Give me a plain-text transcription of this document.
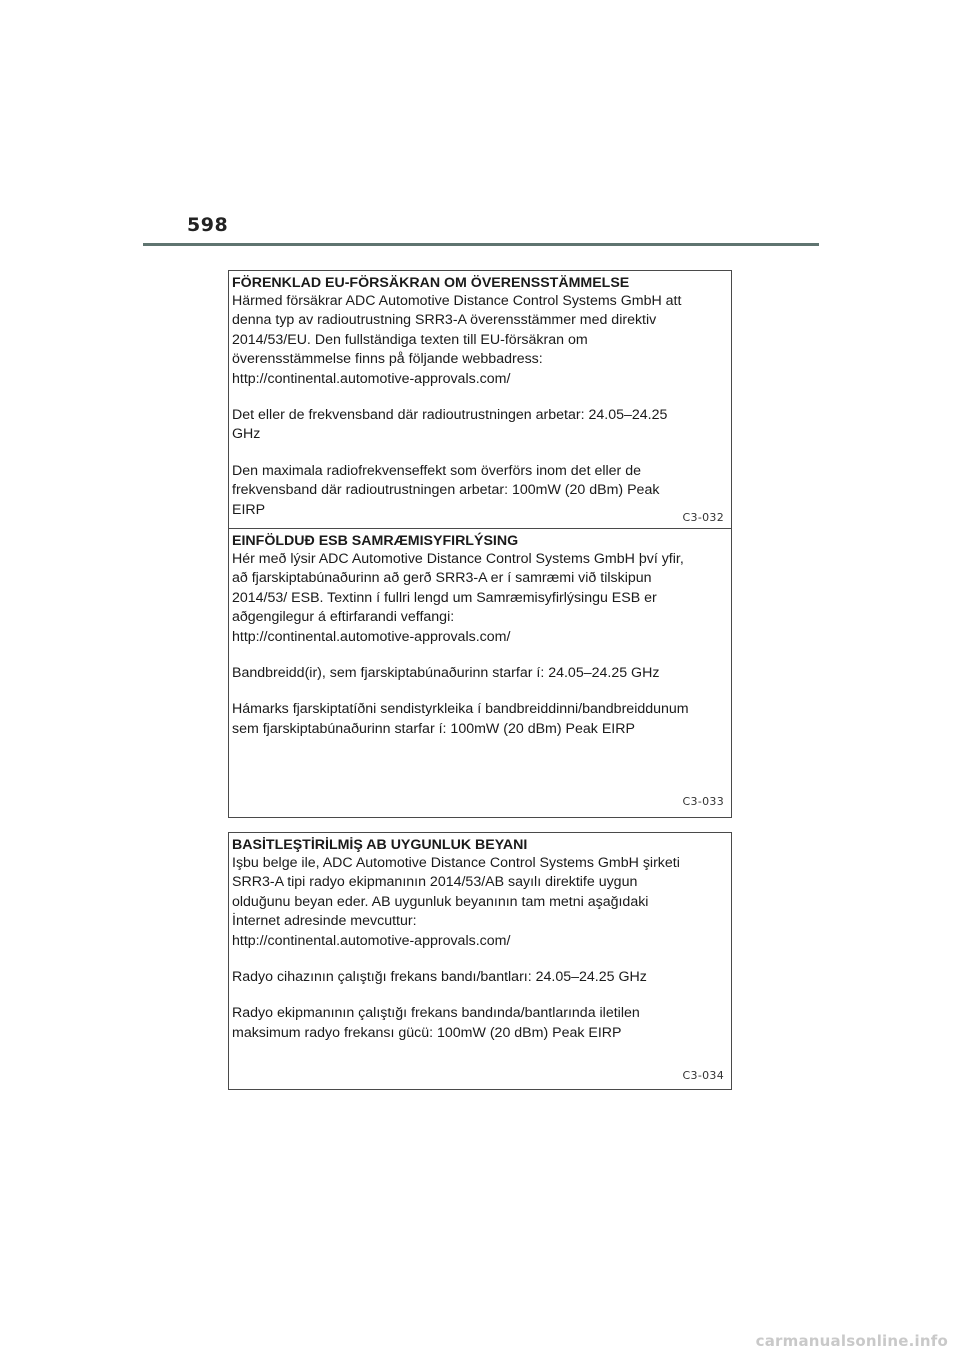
598

FÖRENKLAD EU-FÖRSÄKRAN OM ÖVERENSSTÄMMELSE

Härmed försäkrar ADC Automotive Distance Control Systems GmbH att
denna typ av radioutrustning SRR3-A överensstämmer med direktiv
2014/53/EU. Den fullständiga texten till EU-försäkran om
överensstämmelse finns på följande webbadress:
http://continental.automotive-approvals.com/

Det eller de frekvensband där radioutrustningen arbetar: 24.05–24.25
GHz

Den maximala radiofrekvenseffekt som överförs inom det eller de
frekvensband där radioutrustningen arbetar: 100mW (20 dBm) Peak
EIRP	C3-032

EINFÖLDUÐ ESB SAMRÆMISYFIRLÝSING

Hér með lýsir ADC Automotive Distance Control Systems GmbH því yfir,
að fjarskiptabúnaðurinn að gerð SRR3-A er í samræmi við tilskipun
2014/53/ ESB. Textinn í fullri lengd um Samræmisyfirlýsingu ESB er
aðgengilegur á eftirfarandi veffangi:
http://continental.automotive-approvals.com/

Bandbreidd(ir), sem fjarskiptabúnaðurinn starfar í: 24.05–24.25 GHz

Hámarks fjarskiptatíðni sendistyrkleika í bandbreiddinni/bandbreiddunum
sem fjarskiptabúnaðurinn starfar í: 100mW (20 dBm) Peak EIRP

C3-033

BASİTLEŞTİRİLMİŞ AB UYGUNLUK BEYANI

Işbu belge ile, ADC Automotive Distance Control Systems GmbH şirketi
SRR3-A tipi radyo ekipmanının 2014/53/AB sayılı direktife uygun
olduğunu beyan eder. AB uygunluk beyanının tam metni aşağıdaki
İnternet adresinde mevcuttur:
http://continental.automotive-approvals.com/

Radyo cihazının çalıştığı frekans bandı/bantları: 24.05–24.25 GHz

Radyo ekipmanının çalıştığı frekans bandında/bantlarında iletilen
maksimum radyo frekansı gücü: 100mW (20 dBm) Peak EIRP

C3-034
carmanualsonline.info
